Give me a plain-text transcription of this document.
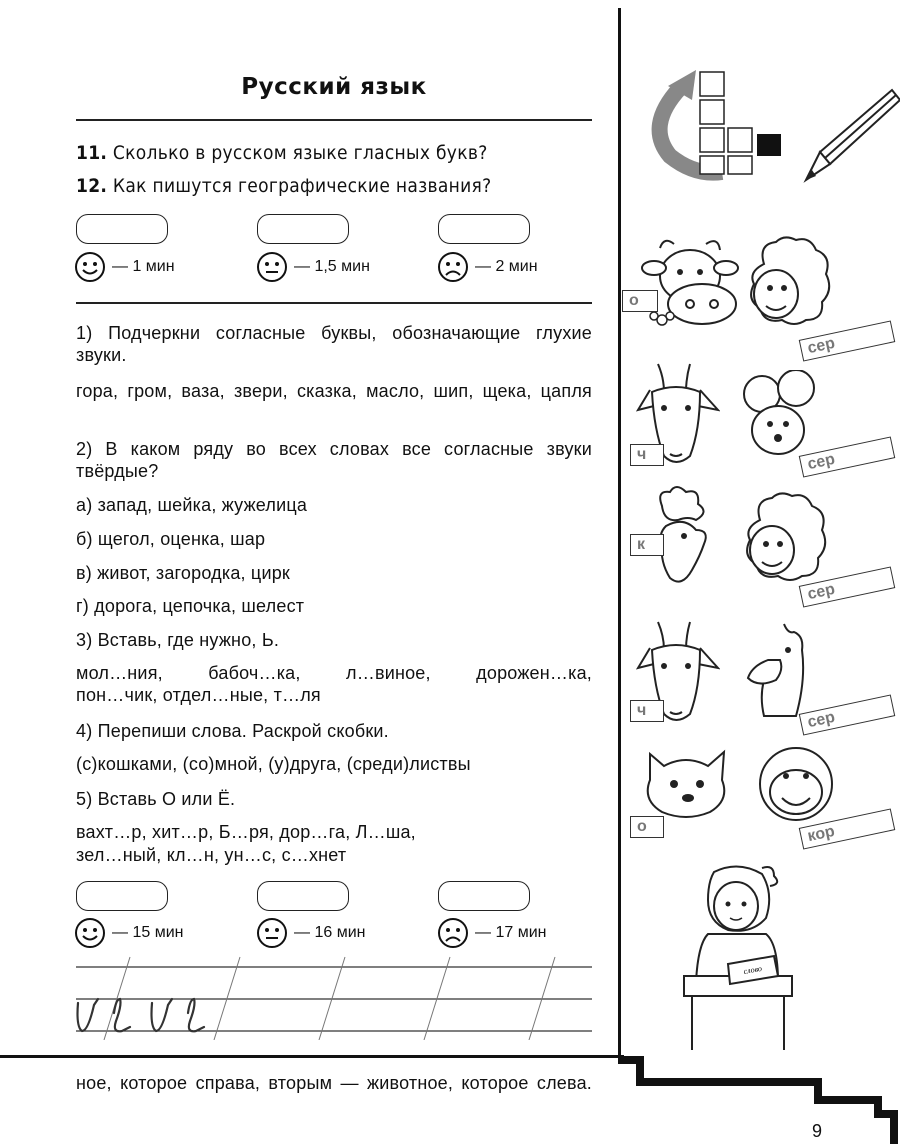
Русский язык
11. Сколько в русском языке гласных букв?
12. Как пишутся географические названия?
— 1 мин	— 1,5 мин	— 2 мин
1) Подчеркни согласные буквы, обозначающие глухие звуки.
гора, гром, ваза, звери, сказка, масло, шип, щека, цапля
2) В каком ряду во всех словах все согласные звуки твёрдые?
а) запад, шейка, жужелица
б) щегол, оценка, шар
в) живот, загородка, цирк
г) дорога, цепочка, шелест
3) Вставь, где нужно, Ь.
мол…ния, бабоч…ка, л…виное, дорожен…ка,
пон…чик, отдел…ные, т…ля
4) Перепиши слова. Раскрой скобки.
(с)кошками, (со)мной, (у)друга, (среди)листвы
5) Вставь О или Ё.
вахт…р, хит…р, Б…ря, дор…га, Л…ша,
зел…ный, кл…н, ун…с, с…хнет
— 15 мин	— 16 мин	— 17 мин
ное, которое справа, вторым — животное, которое слева.
о
сер
ч	сер
к
сер
ч	сер
о	кор
слово
9
